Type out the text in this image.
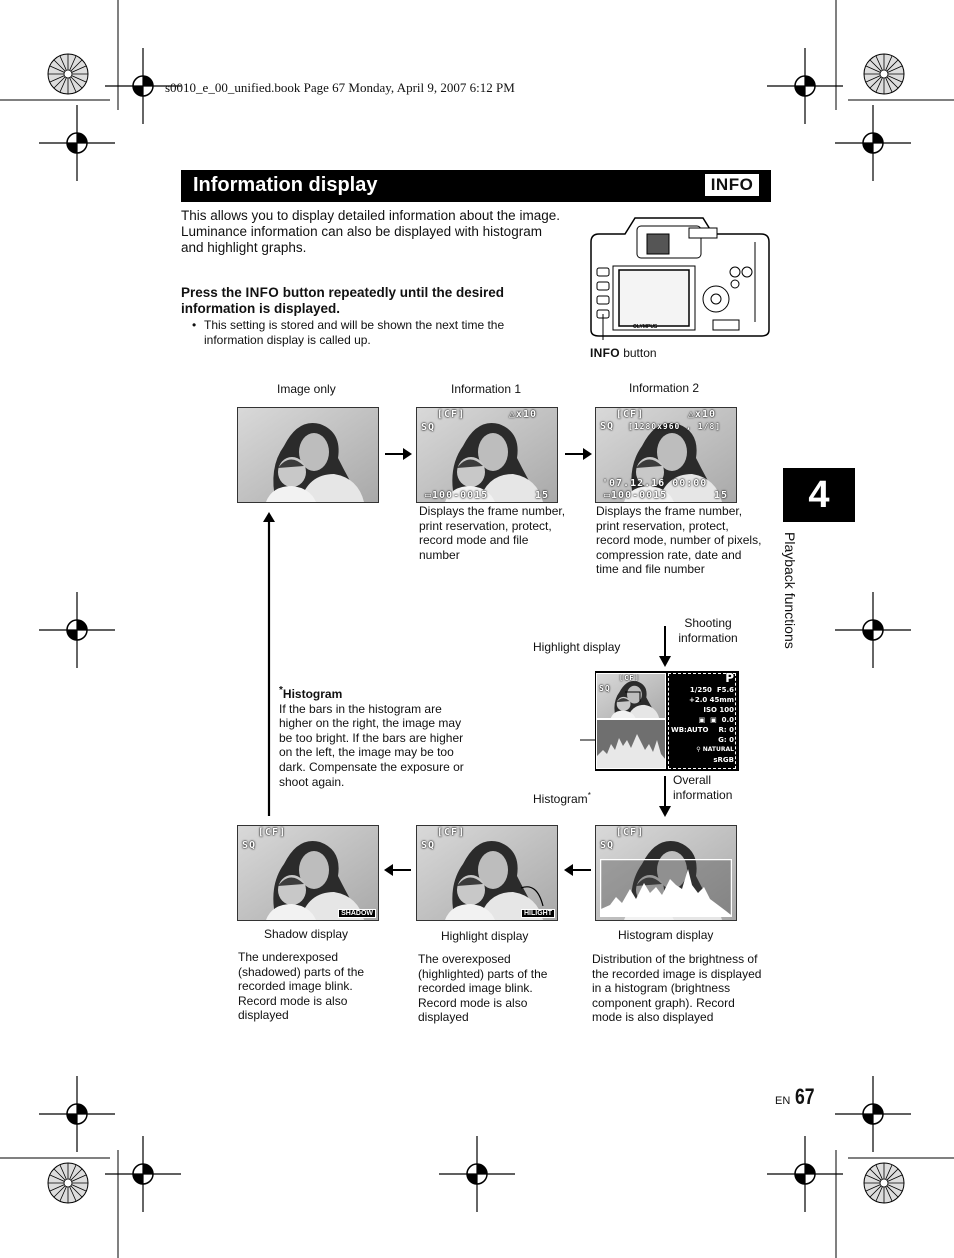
s0010_e_00_unified.book Page 67 Monday, April 9, 2007 6:12 PM
Information display	INFO
This allows you to display detailed information about the image.
Luminance information can also be displayed with histogram and highlight graphs.
Press the INFO button repeatedly until the desired information is displayed.
• This setting is stored and will be shown the next time the information display is called up.
OLYMPUS
INFO button
Image only	Information 1	Information 2
[CF]	△x10
SQ
▭100-0015	15
[CF]	△x10
SQ [1280x960 , 1/8]
'07.12.16 00:00
▭100-0015	15
Displays the frame number, print reservation, protect, record mode and file number
Displays the frame number, print reservation, protect, record mode, number of pixels, compression rate, date and time and file number
*Histogram
If the bars in the histogram are higher on the right, the image may be too bright. If the bars are higher on the left, the image may be too dark. Compensate the exposure or shoot again.
Highlight display
Shooting information
Histogram*
Overall information
[CF]
SQ
P
1/250 F5.6
+2.0 45mm
ISO 100
▣  ▣  0.0
WB:AUTO R: 0
G: 0
⚲ NATURAL
sRGB
[CF]
SQ
[CF]
SQ
HILIGHT
[CF]
SQ
SHADOW
Shadow display	Highlight display	Histogram display
The underexposed (shadowed) parts of the recorded image blink. Record mode is also displayed
The overexposed (highlighted) parts of the recorded image blink. Record mode is also displayed
Distribution of the brightness of the recorded image is displayed in a histogram (brightness component graph). Record mode is also displayed
4
Playback functions
EN 67
